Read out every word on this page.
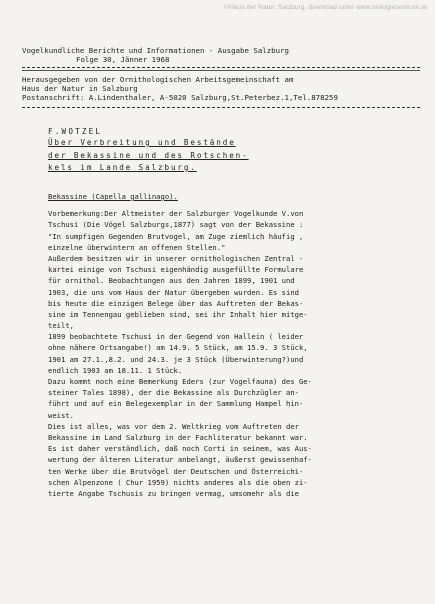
©Haus der Natur, Salzburg, download unter www.biologiezentrum.at
Vogelkundliche Berichte und Informationen - Ausgabe Salzburg
Folge 30, Jänner 1968
Herausgegeben von der Ornithologischen Arbeitsgemeinschaft am
Haus der Natur in Salzburg
Postanschrift: A.Lindenthaler, A-5020 Salzburg,St.Peterbez.1,Tel.878259
F.WOTZEL
Über Verbreitung und Bestände
der Bekassine und des Rotschen-
kels im Lande Salzburg.
Bekassine (Capella gallinago).
Vorbemerkung:Der Altmeister der Salzburger Vogelkunde V.von
Tschusi (Die Vögel Salzburgs,1877) sagt von der Bekassine :
"In sumpfigen Gegenden Brutvogel, am Zuge ziemlich häufig ,
einzelne überwintern an offenen Stellen."
Außerdem besitzen wir in unserer ornithologischen Zentral -
kartei einige von Tschusi eigenhändig ausgefüllte Formulare
für ornithol. Beobachtungen aus den Jahren 1899, 1901 und
1903, die uns vom Haus der Natur übergeben wurden. Es sind
bis heute die einzigen Belege über das Auftreten der Bekas-
sine im Tennengau geblieben sind, sei ihr Inhalt hier mitge-
teilt,
1899 beobachtete Tschusi in der Gegend von Hallein ( leider
ohne nähere Ortsangabe!) am 14.9. 5 Stück, am 15.9. 3 Stück,
1901 am 27.1.,8.2. und 24.3. je 3 Stück (Überwinterung?)und
endlich 1903 am 18.11. 1 Stück.
Dazu kommt noch eine Bemerkung Eders (zur Vogelfauna) des Ge-
steiner Tales 1898), der die Bekassine als Durchzügler an-
führt und auf ein Belegexemplar in der Sammlung Hampel hin-
weist.
Dies ist alles, was vor dem 2. Weltkrieg vom Auftreten der
Bekassine im Land Salzburg in der Fachliteratur bekannt war.
Es ist daher verständlich, daß noch Corti in seinem, was Aus-
wertung der älteren Literatur anbelangt, äußerst gewissenhaf-
ten Werke über die Brutvögel der Deutschen und Österreichi-
schen Alpenzone ( Chur 1959) nichts anderes als die oben zi-
tierte Angabe Tschusis zu bringen vermag, umsomehr als die
